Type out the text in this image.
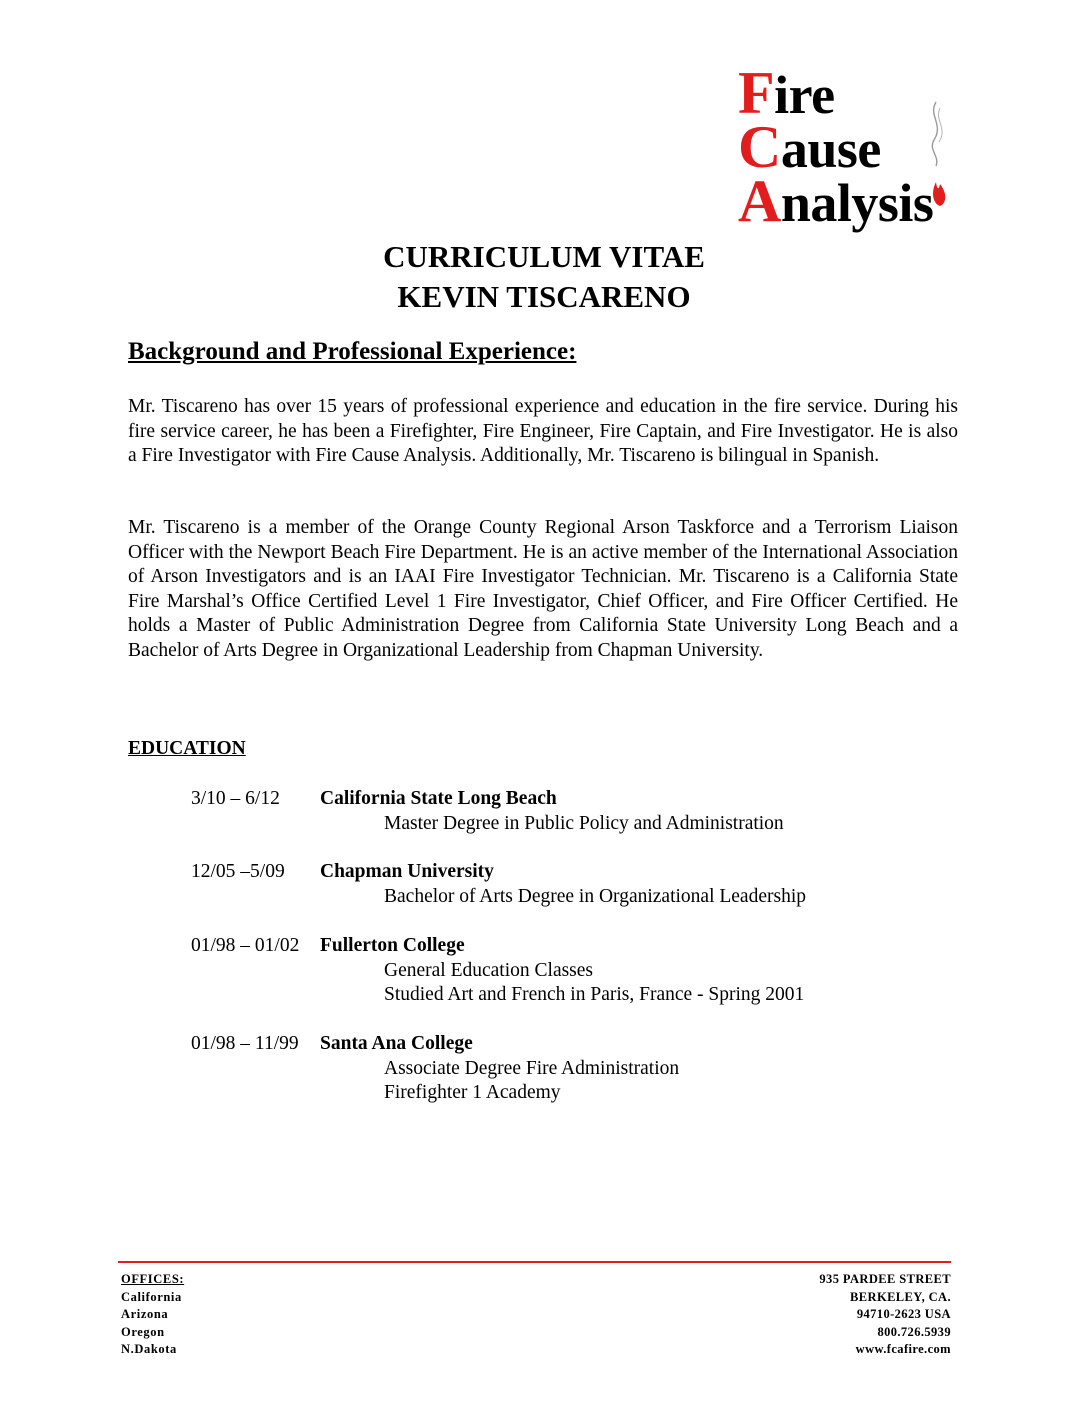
Fire
Cause
Analysis
CURRICULUM VITAE
KEVIN TISCARENO
Background and Professional Experience:

Mr. Tiscareno has over 15 years of professional experience and education in the fire service. During his fire service career, he has been a Firefighter, Fire Engineer, Fire Captain, and Fire Investigator. He is also a Fire Investigator with Fire Cause Analysis. Additionally, Mr. Tiscareno is bilingual in Spanish.

Mr. Tiscareno is a member of the Orange County Regional Arson Taskforce and a Terrorism Liaison Officer with the Newport Beach Fire Department. He is an active member of the International Association of Arson Investigators and is an IAAI Fire Investigator Technician. Mr. Tiscareno is a California State Fire Marshal’s Office Certified Level 1 Fire Investigator, Chief Officer, and Fire Officer Certified. He holds a Master of Public Administration Degree from California State University Long Beach and a Bachelor of Arts Degree in Organizational Leadership from Chapman University.

EDUCATION
3/10 – 6/12 California State Long Beach
Master Degree in Public Policy and Administration
12/05 –5/09 Chapman University
Bachelor of Arts Degree in Organizational Leadership
01/98 – 01/02 Fullerton College
General Education Classes
Studied Art and French in Paris, France - Spring 2001
01/98 – 11/99 Santa Ana College
Associate Degree Fire Administration
Firefighter 1 Academy
OFFICES:
California
Arizona
Oregon
N.Dakota
935 PARDEE STREET
BERKELEY, CA.
94710-2623 USA
800.726.5939
www.fcafire.com
